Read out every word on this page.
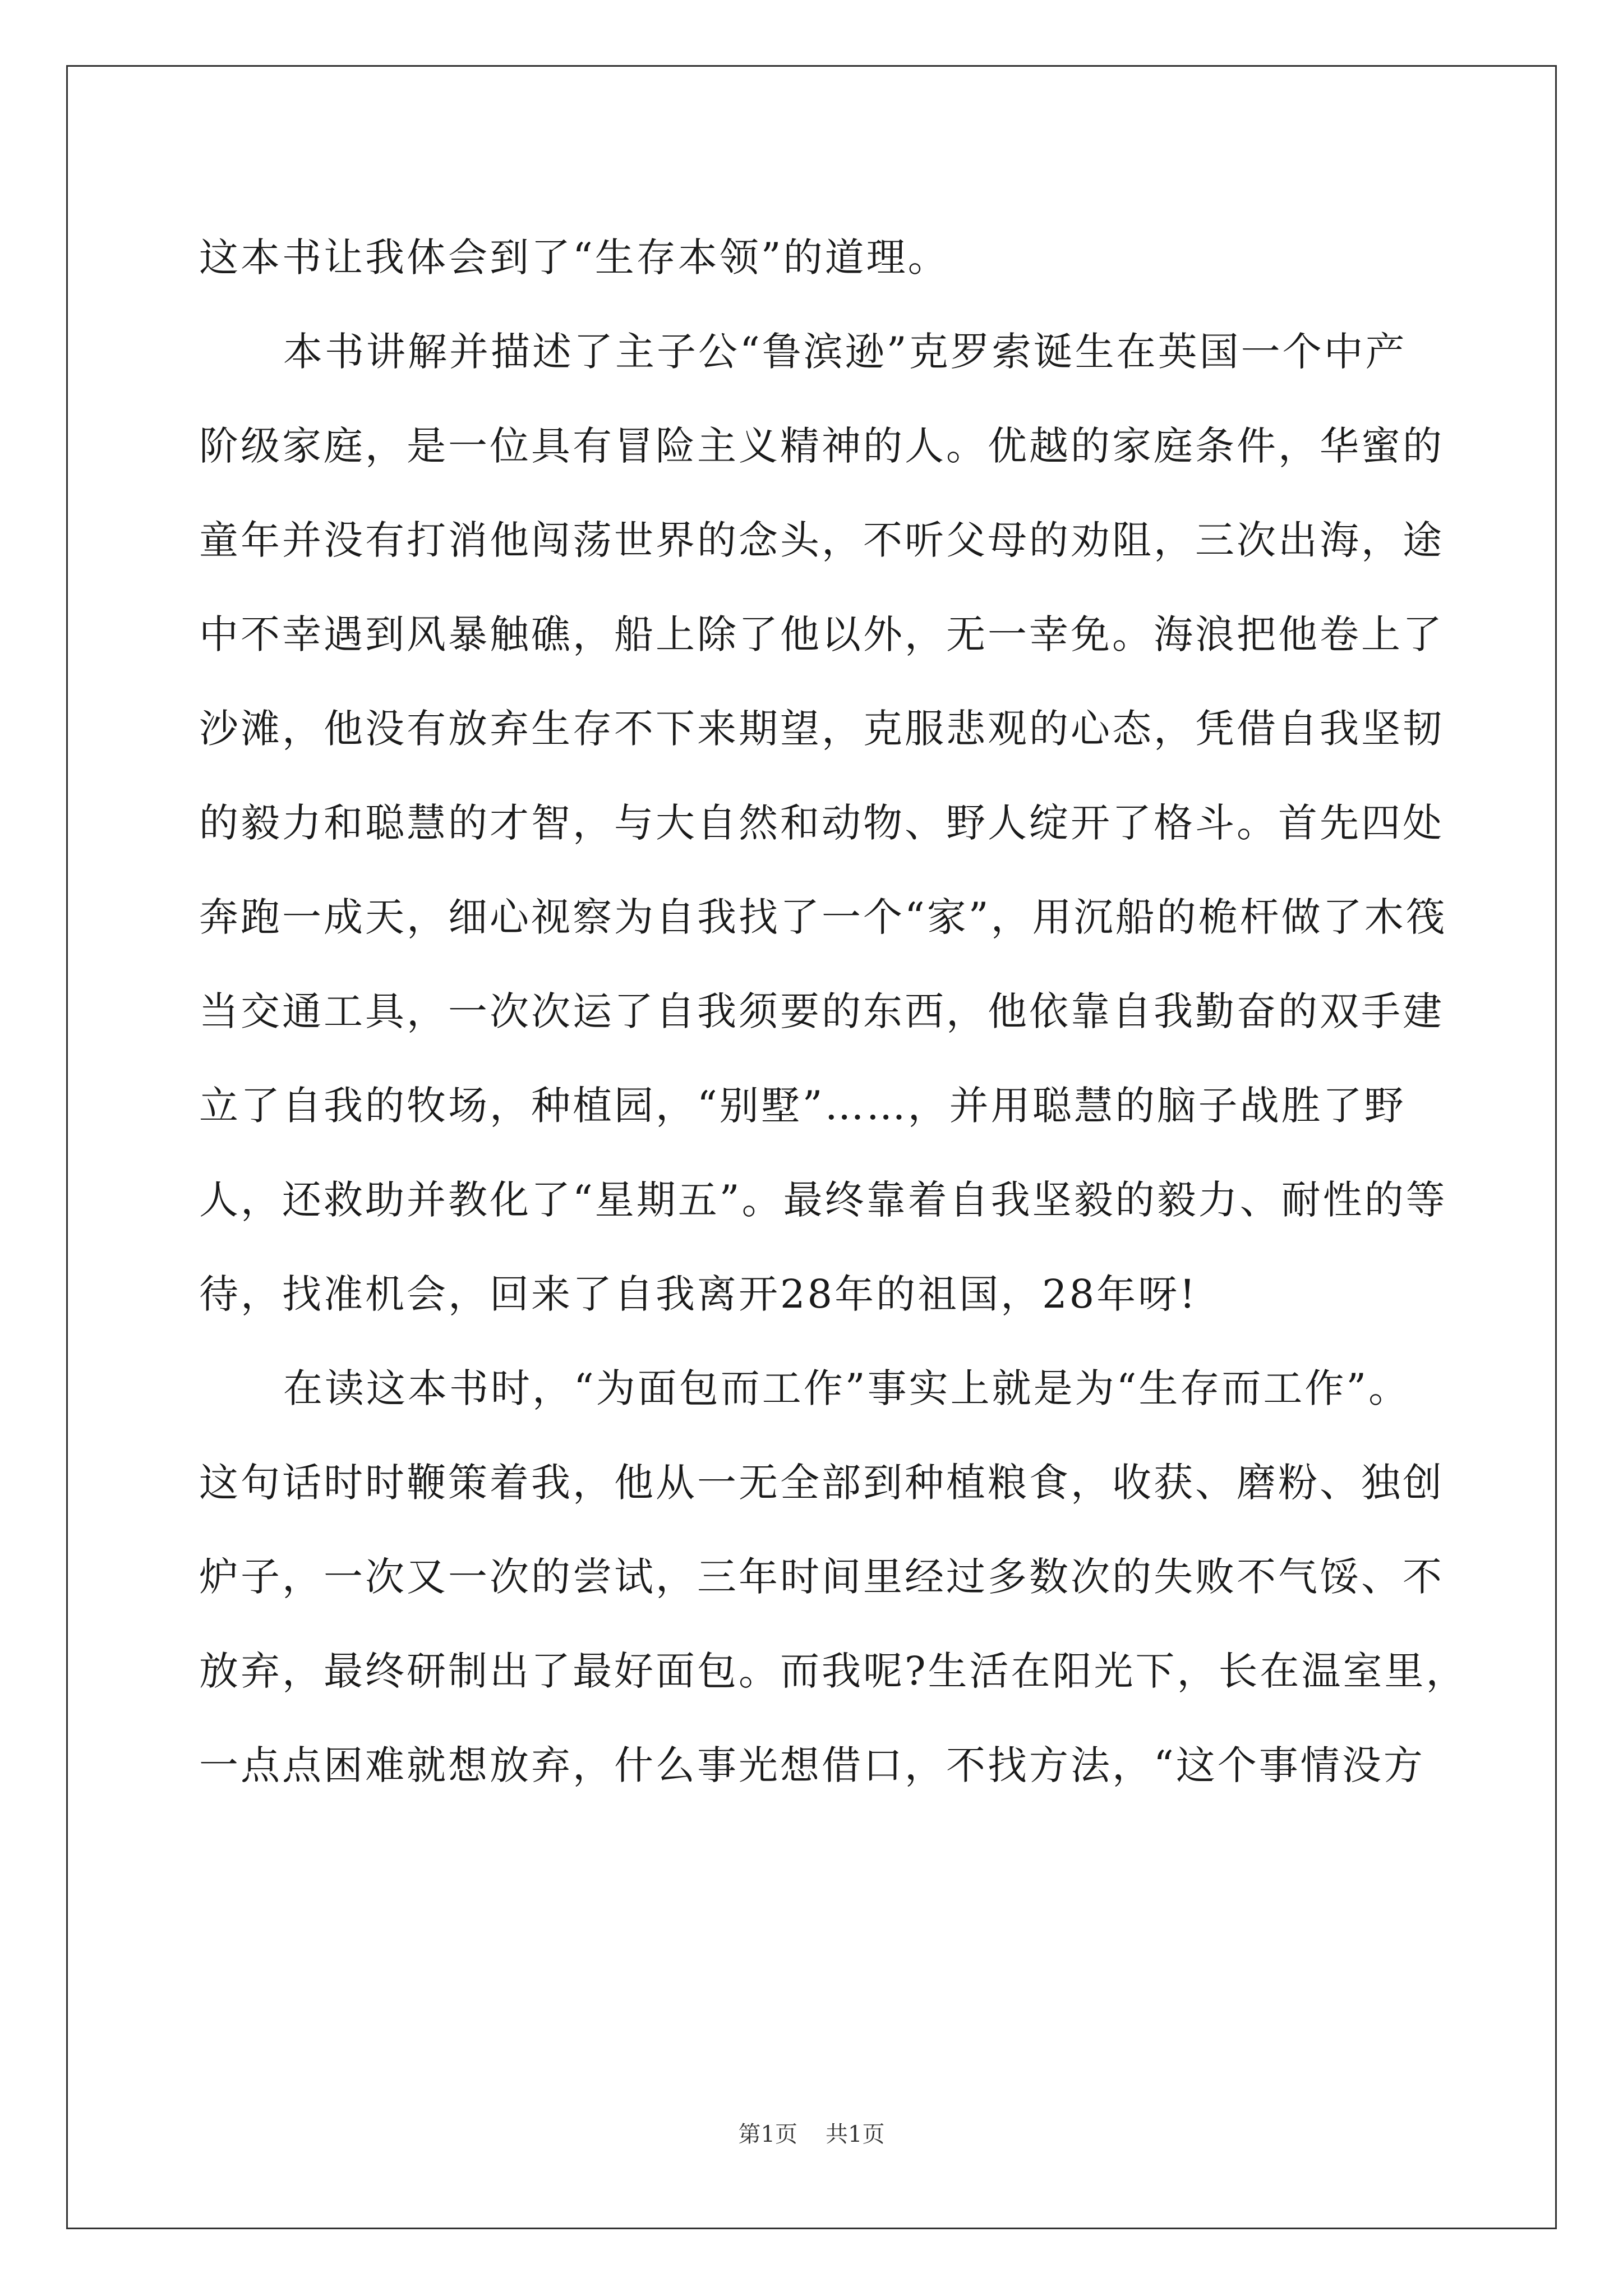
这本书让我体会到了“生存本领”的道理。
本书讲解并描述了主子公“鲁滨逊”克罗索诞生在英国一个中产
阶级家庭，是一位具有冒险主义精神的人。优越的家庭条件，华蜜的
童年并没有打消他闯荡世界的念头，不听父母的劝阻，三次出海，途
中不幸遇到风暴触礁，船上除了他以外，无一幸免。海浪把他卷上了
沙滩，他没有放弃生存不下来期望，克服悲观的心态，凭借自我坚韧
的毅力和聪慧的才智，与大自然和动物、野人绽开了格斗。首先四处
奔跑一成天，细心视察为自我找了一个“家”，用沉船的桅杆做了木筏
当交通工具，一次次运了自我须要的东西，他依靠自我勤奋的双手建
立了自我的牧场，种植园，“别墅”……，并用聪慧的脑子战胜了野
人，还救助并教化了“星期五”。最终靠着自我坚毅的毅力、耐性的等
待，找准机会，回来了自我离开28年的祖国，28年呀!
在读这本书时，“为面包而工作”事实上就是为“生存而工作”。
这句话时时鞭策着我，他从一无全部到种植粮食，收获、磨粉、独创
炉子，一次又一次的尝试，三年时间里经过多数次的失败不气馁、不
放弃，最终研制出了最好面包。而我呢?生活在阳光下，长在温室里，
一点点困难就想放弃，什么事光想借口，不找方法，“这个事情没方
第1页 共1页
